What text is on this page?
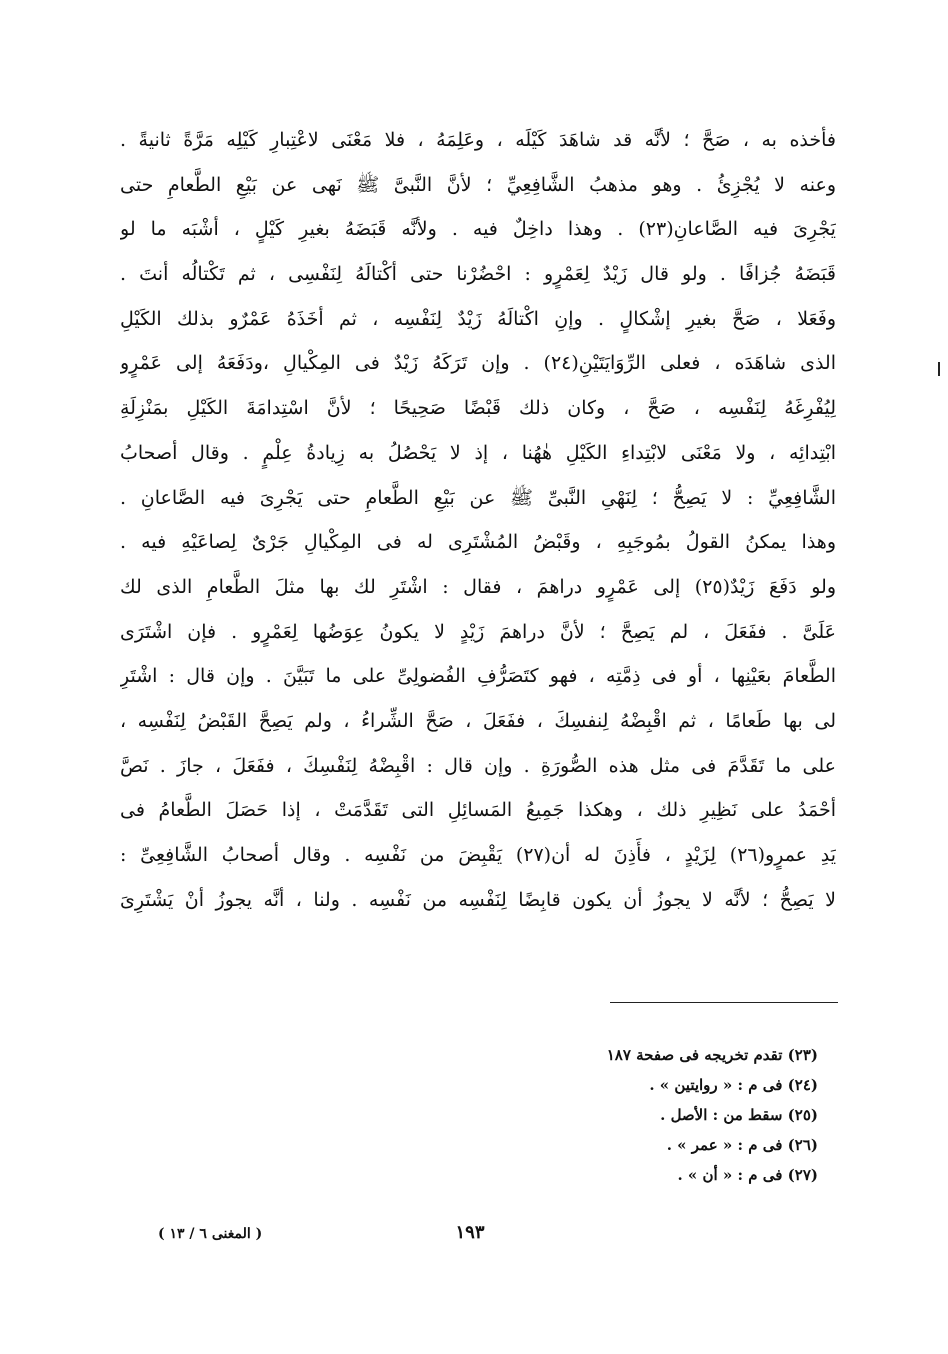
فأخذه به ، صَحَّ ؛ لأنَّه قد شاهَدَ كَيْلَه ، وعَلِمَهُ ، فلا مَعْنَى لاعْتِبارِ كَيْلِه مَرَّةً ثانيةً .
وعنه لا يُجْزِئُ . وهو مذهبُ الشَّافِعِيِّ ؛ لأنَّ النَّبىَّ ﷺ نَهى عن بَيْعِ الطَّعامِ حتى
يَجْرِىَ فيه الصَّاعانِ(٢٣) . وهذا داخِلٌ فيه . ولأنَّه قَبَضَهُ بغيرِ كَيْلٍ ، أشْبَه ما لو
قَبَضَهُ جُزافًا . ولو قال زَيْدٌ لِعَمْرٍو : احْضُرْنا حتى أكْتالَهُ لِنَفْسِى ، ثم تَكْتالُه أنتَ .
وفَعَلا ، صَحَّ بغيرِ إشْكالٍ . وإنِ اكْتالَهُ زَيْدٌ لِنَفْسِه ، ثم أخَذَهُ عَمْرٌو بذلك الكَيْلِ
الذى شاهَدَه ، فعلى الرِّوَايَتَيْنِ(٢٤) . وإن تَرَكَهُ زَيْدٌ فى المِكْيالِ ،ودَفَعَهُ إلى عَمْرٍو
لِيُفْرِغَهُ لِنَفْسِه ، صَحَّ ، وكان ذلك قَبْضًا صَحِيحًا ؛ لأنَّ اسْتِدامَةَ الكَيْلِ بمَنْزِلَةِ
ابْتِدائِه ، ولا مَعْنَى لابْتِداءِ الكَيْلِ هٰهُنا ، إذ لا يَحْصُلُ به زِيادةُ عِلْمٍ . وقال أصحابُ
الشَّافِعِيِّ : لا يَصِحُّ ؛ لِنَهْىِ النَّبىِّ ﷺ عن بَيْعِ الطَّعامِ حتى يَجْرِىَ فيه الصَّاعانِ .
وهذا يمكنُ القولُ بمُوجَبِهِ ، وقَبْضُ المُشْتَرِى له فى المِكْيالِ جَرْىٌ لِصاعَيْهِ فيه .
ولو دَفَعَ زَيْدٌ(٢٥) إلى عَمْرٍو دراهمَ ، فقال : اشْتَرِ لك بها مثلَ الطَّعامِ الذى لك
عَلَىَّ . ففَعَلَ ، لم يَصِحَّ ؛ لأنَّ دراهمَ زَيْدٍ لا يكونُ عِوَضُها لِعَمْرٍو . فإن اشْتَرَى
الطَّعامَ بعَيْنِها ، أو فى ذِمَّتِه ، فهو كتَصَرُّفِ الفُضولِىِّ على ما تَبَيَّنَ . وإن قال : اشْتَرِ
لى بها طَعامًا ، ثم اقْبِضْهُ لِنفسِكَ ، ففَعَلَ ، صَحَّ الشِّراءُ ، ولم يَصِحَّ القَبْضُ لِنَفْسِه ،
على ما تَقَدَّمَ فى مثل هذه الصُّورَةِ . وإن قال : اقْبِضْهُ لِنَفْسِكَ ، ففَعَلَ ، جازَ . نَصَّ
أحْمَدُ على نَظِيرِ ذلك ، وهكذا جَمِيعُ المَسائِلِ التى تَقَدَّمَتْ ، إذا حَصَلَ الطَّعامُ فى
يَدِ عمرٍو(٢٦) لِزَيْدٍ ، فأَذِنَ له أن(٢٧) يَقْبِضَ من نَفْسِه . وقال أصحابُ الشَّافِعِىِّ :
لا يَصِحُّ ؛ لأنَّه لا يجوزُ أن يكون قابِضًا لِنَفْسِه من نَفْسِه . ولنا ، أنَّه يجوزُ أنْ يَشْتَرِىَ
(٢٣) تقدم تخريجه فى صفحة ١٨٧
(٢٤) فى م : « روايتين » .
(٢٥) سقط من : الأصل .
(٢٦) فى م : « عمر » .
(٢٧) فى م : « أن » .
١٩٣
( المغنى ٦ / ١٣ )
